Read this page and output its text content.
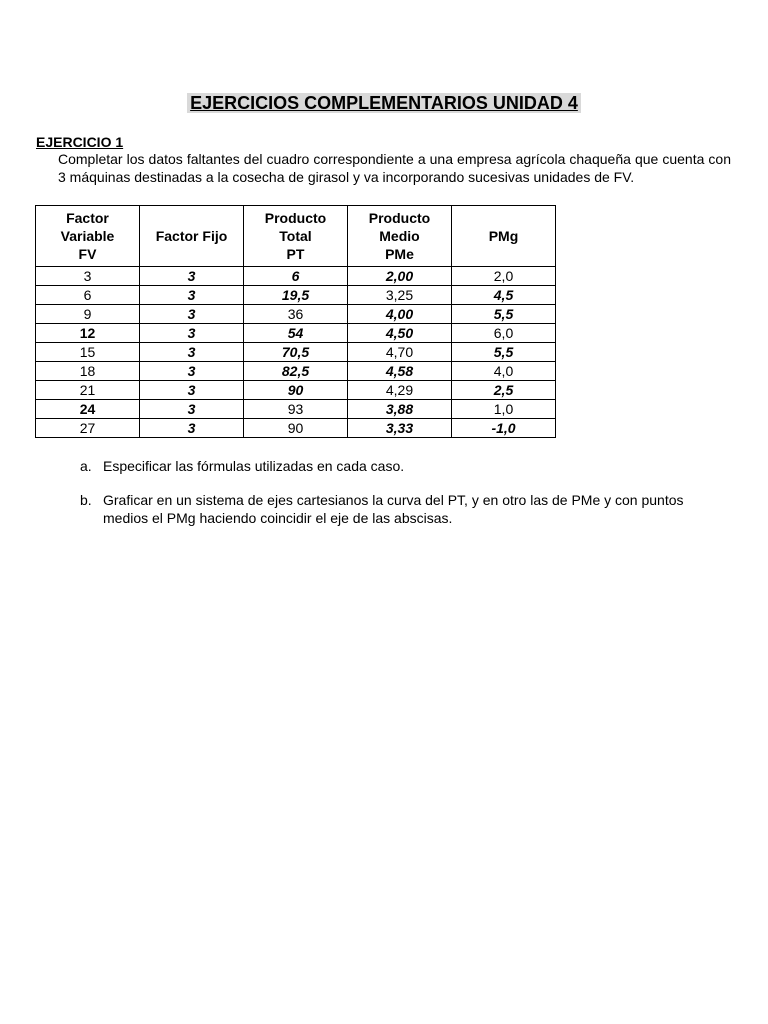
EJERCICIOS COMPLEMENTARIOS UNIDAD 4
EJERCICIO 1

Completar los datos faltantes del cuadro correspondiente a una empresa agrícola chaqueña que cuenta con 3 máquinas destinadas a la cosecha de girasol y va incorporando sucesivas unidades de FV.

Factor
Variable
FV	Factor Fijo	Producto
Total
PT	Producto
Medio
PMe	PMg

3	3	6	2,00	2,0
6	3	19,5	3,25	4,5
9	3	36	4,00	5,5
12	3	54	4,50	6,0
15	3	70,5	4,70	5,5
18	3	82,5	4,58	4,0
21	3	90	4,29	2,5
24	3	93	3,88	1,0
27	3	90	3,33	-1,0
a. Especificar las fórmulas utilizadas en cada caso.
b. Graficar en un sistema de ejes cartesianos la curva del PT, y en otro las de PMe y con puntos medios el PMg haciendo coincidir el eje de las abscisas.
